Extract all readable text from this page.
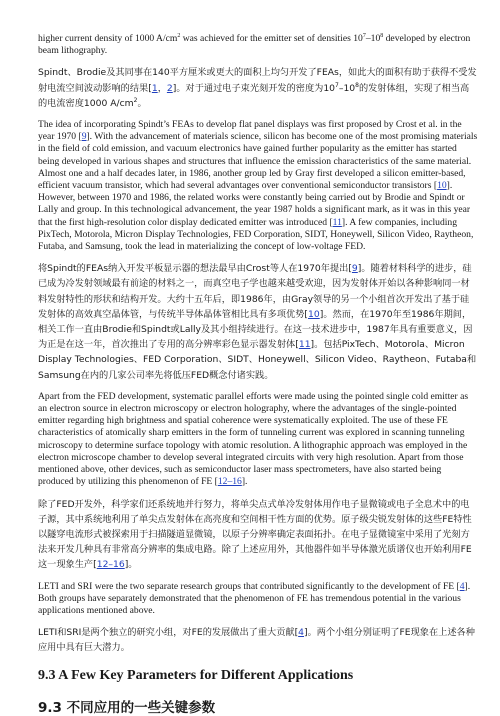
higher current density of 1000 $A/cm^2$ was achieved for the emitter set of densities $10^7-10^8$ developed by electron beam lithography.

Spindt、Brodie及其同事在140平方厘米或更大的面积上均匀开发了FEAs，如此大的面积有助于获得不受发射电流空间波动影响的结果[1，2]。对于通过电子束光刻开发的密度为$10^7-10^8$的发射体组，实现了相当高的电流密度1000 $A/cm^2$。

The idea of incorporating Spindt’s FEAs to develop flat panel displays was first proposed by Crost et al. in the year 1970 [9]. With the advancement of materials science, silicon has become one of the most promising materials in the field of cold emission, and vacuum electronics have gained further popularity as the emitter has started being developed in various shapes and structures that influence the emission characteristics of the same material. Almost one and a half decades later, in 1986, another group led by Gray first developed a silicon emitter-based, efficient vacuum transistor, which had several advantages over conventional semiconductor transistors [10]. However, between 1970 and 1986, the related works were constantly being carried out by Brodie and Spindt or Lally and group. In this technological advancement, the year 1987 holds a significant mark, as it was in this year that the first high-resolution color display dedicated emitter was introduced [11]. A few companies, including PixTech, Motorola, Micron Display Technologies, FED Corporation, SIDT, Honeywell, Silicon Video, Raytheon, Futaba, and Samsung, took the lead in materializing the concept of low-voltage FED.

将Spindt的FEAs纳入开发平板显示器的想法最早由Crost等人在1970年提出[9]。随着材料科学的进步，硅已成为冷发射领域最有前途的材料之一，而真空电子学也越来越受欢迎，因为发射体开始以各种影响同一材料发射特性的形状和结构开发。大约十五年后，即1986年，由Gray领导的另一个小组首次开发出了基于硅发射体的高效真空晶体管，与传统半导体晶体管相比具有多项优势[10]。然而，在1970年至1986年期间，相关工作一直由Brodie和Spindt或Lally及其小组持续进行。在这一技术进步中，1987年具有重要意义，因为正是在这一年，首次推出了专用的高分辨率彩色显示器发射体[11]。包括PixTech、Motorola、Micron Display Technologies、FED Corporation、SIDT、Honeywell、Silicon Video、Raytheon、Futaba和Samsung在内的几家公司率先将低压FED概念付诸实践。

Apart from the FED development, systematic parallel efforts were made using the pointed single cold emitter as an electron source in electron microscopy or electron holography, where the advantages of the single-pointed emitter regarding high brightness and spatial coherence were systematically exploited. The use of these FE characteristics of atomically sharp emitters in the form of tunneling current was explored in scanning tunneling microscopy to determine surface topology with atomic resolution. A lithographic approach was employed in the electron microscope chamber to develop several integrated circuits with very high resolution. Apart from those mentioned above, other devices, such as semiconductor laser mass spectrometers, have also started being produced by utilizing this phenomenon of FE [12–16].

除了FED开发外，科学家们还系统地并行努力，将单尖点式单冷发射体用作电子显微镜或电子全息术中的电子源，其中系统地利用了单尖点发射体在高亮度和空间相干性方面的优势。原子级尖锐发射体的这些FE特性以隧穿电流形式被探索用于扫描隧道显微镜，以原子分辨率确定表面拓扑。在电子显微镜室中采用了光刻方法来开发几种具有非常高分辨率的集成电路。除了上述应用外，其他器件如半导体激光质谱仪也开始利用FE这一现象生产[12–16]。

LETI and SRI were the two separate research groups that contributed significantly to the development of FE [4]. Both groups have separately demonstrated that the phenomenon of FE has tremendous potential in the various applications mentioned above.

LETI和SRI是两个独立的研究小组，对FE的发展做出了重大贡献[4]。两个小组分别证明了FE现象在上述各种应用中具有巨大潜力。

9.3 A Few Key Parameters for Different Applications
9.3 不同应用的一些关键参数
